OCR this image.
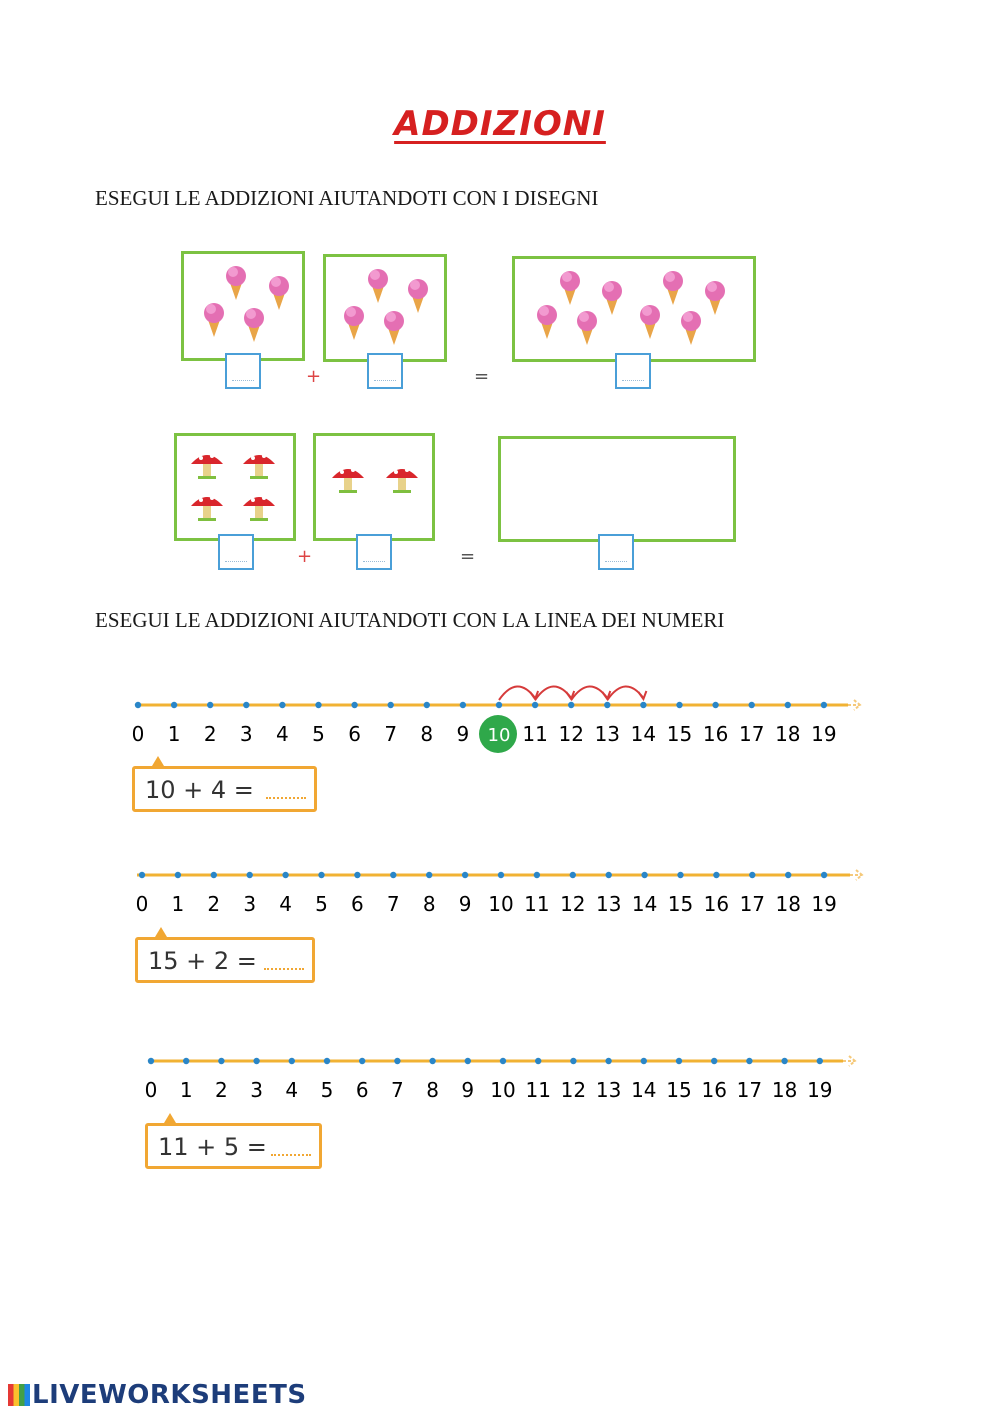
ADDIZIONI
ESEGUI LE ADDIZIONI AIUTANDOTI CON I DISEGNI
+	=
+	=
ESEGUI LE ADDIZIONI AIUTANDOTI CON LA LINEA DEI NUMERI
0 1 2 3 4 5 6 7 8 9 10 11 12 13 14 15 16 17 18 19
10 + 4 =
0 1 2 3 4 5 6 7 8 9 10 11 12 13 14 15 16 17 18 19
15 + 2 =
0 1 2 3 4 5 6 7 8 9 10 11 12 13 14 15 16 17 18 19
11 + 5 =
LIVEWORKSHEETS
